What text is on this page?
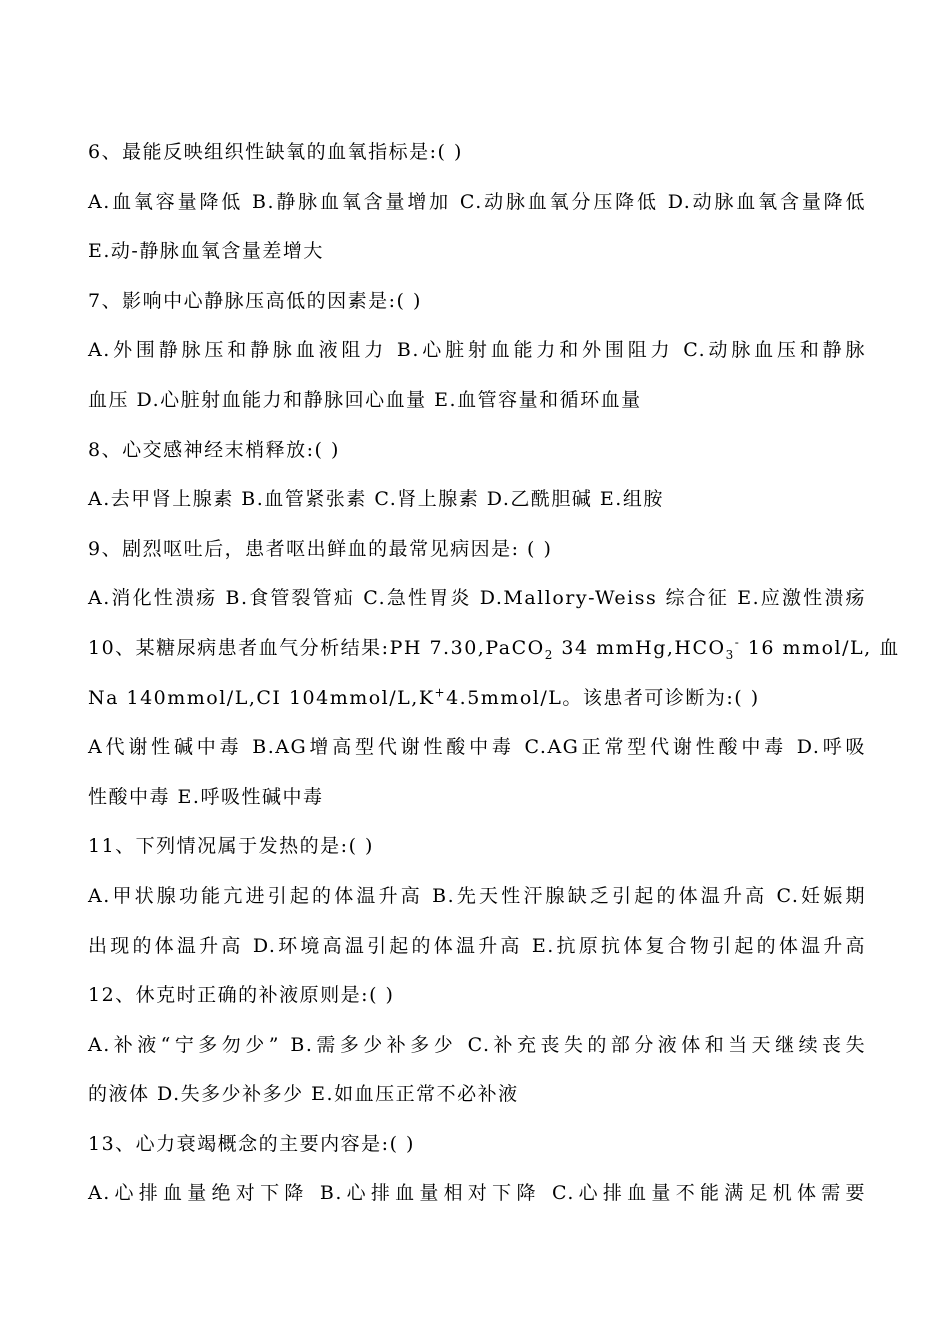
6、最能反映组织性缺氧的血氧指标是:( )
A.血氧容量降低 B.静脉血氧含量增加 C.动脉血氧分压降低 D.动脉血氧含量降低
E.动-静脉血氧含量差增大
7、影响中心静脉压高低的因素是:( )
A.外围静脉压和静脉血液阻力 B.心脏射血能力和外围阻力 C.动脉血压和静脉
血压 D.心脏射血能力和静脉回心血量 E.血管容量和循环血量
8、心交感神经末梢释放:( )
A.去甲肾上腺素 B.血管紧张素 C.肾上腺素 D.乙酰胆碱 E.组胺
9、剧烈呕吐后，患者呕出鲜血的最常见病因是: ( )
A.消化性溃疡 B.食管裂管疝 C.急性胃炎 D.Mallory-Weiss 综合征 E.应激性溃疡
10、某糖尿病患者血气分析结果:PH 7.30,PaCO$_2$ 34 $mmHg,HCO_3^-$ 16 mmol/L, 血
Na 140mmol/L,CI 104mmol/L,K+4.5mmol/L。该患者可诊断为:( )
A代谢性碱中毒 B.AG增高型代谢性酸中毒 C.AG正常型代谢性酸中毒 D.呼吸
性酸中毒 E.呼吸性碱中毒
11、下列情况属于发热的是:( )
A.甲状腺功能亢进引起的体温升高 B.先天性汗腺缺乏引起的体温升高 C.妊娠期
出现的体温升高 D.环境高温引起的体温升高 E.抗原抗体复合物引起的体温升高
12、休克时正确的补液原则是:( )
A.补液“宁多勿少” B.需多少补多少 C.补充丧失的部分液体和当天继续丧失
的液体 D.失多少补多少 E.如血压正常不必补液
13、心力衰竭概念的主要内容是:( )
A.心排血量绝对下降 B.心排血量相对下降 C.心排血量不能满足机体需要
